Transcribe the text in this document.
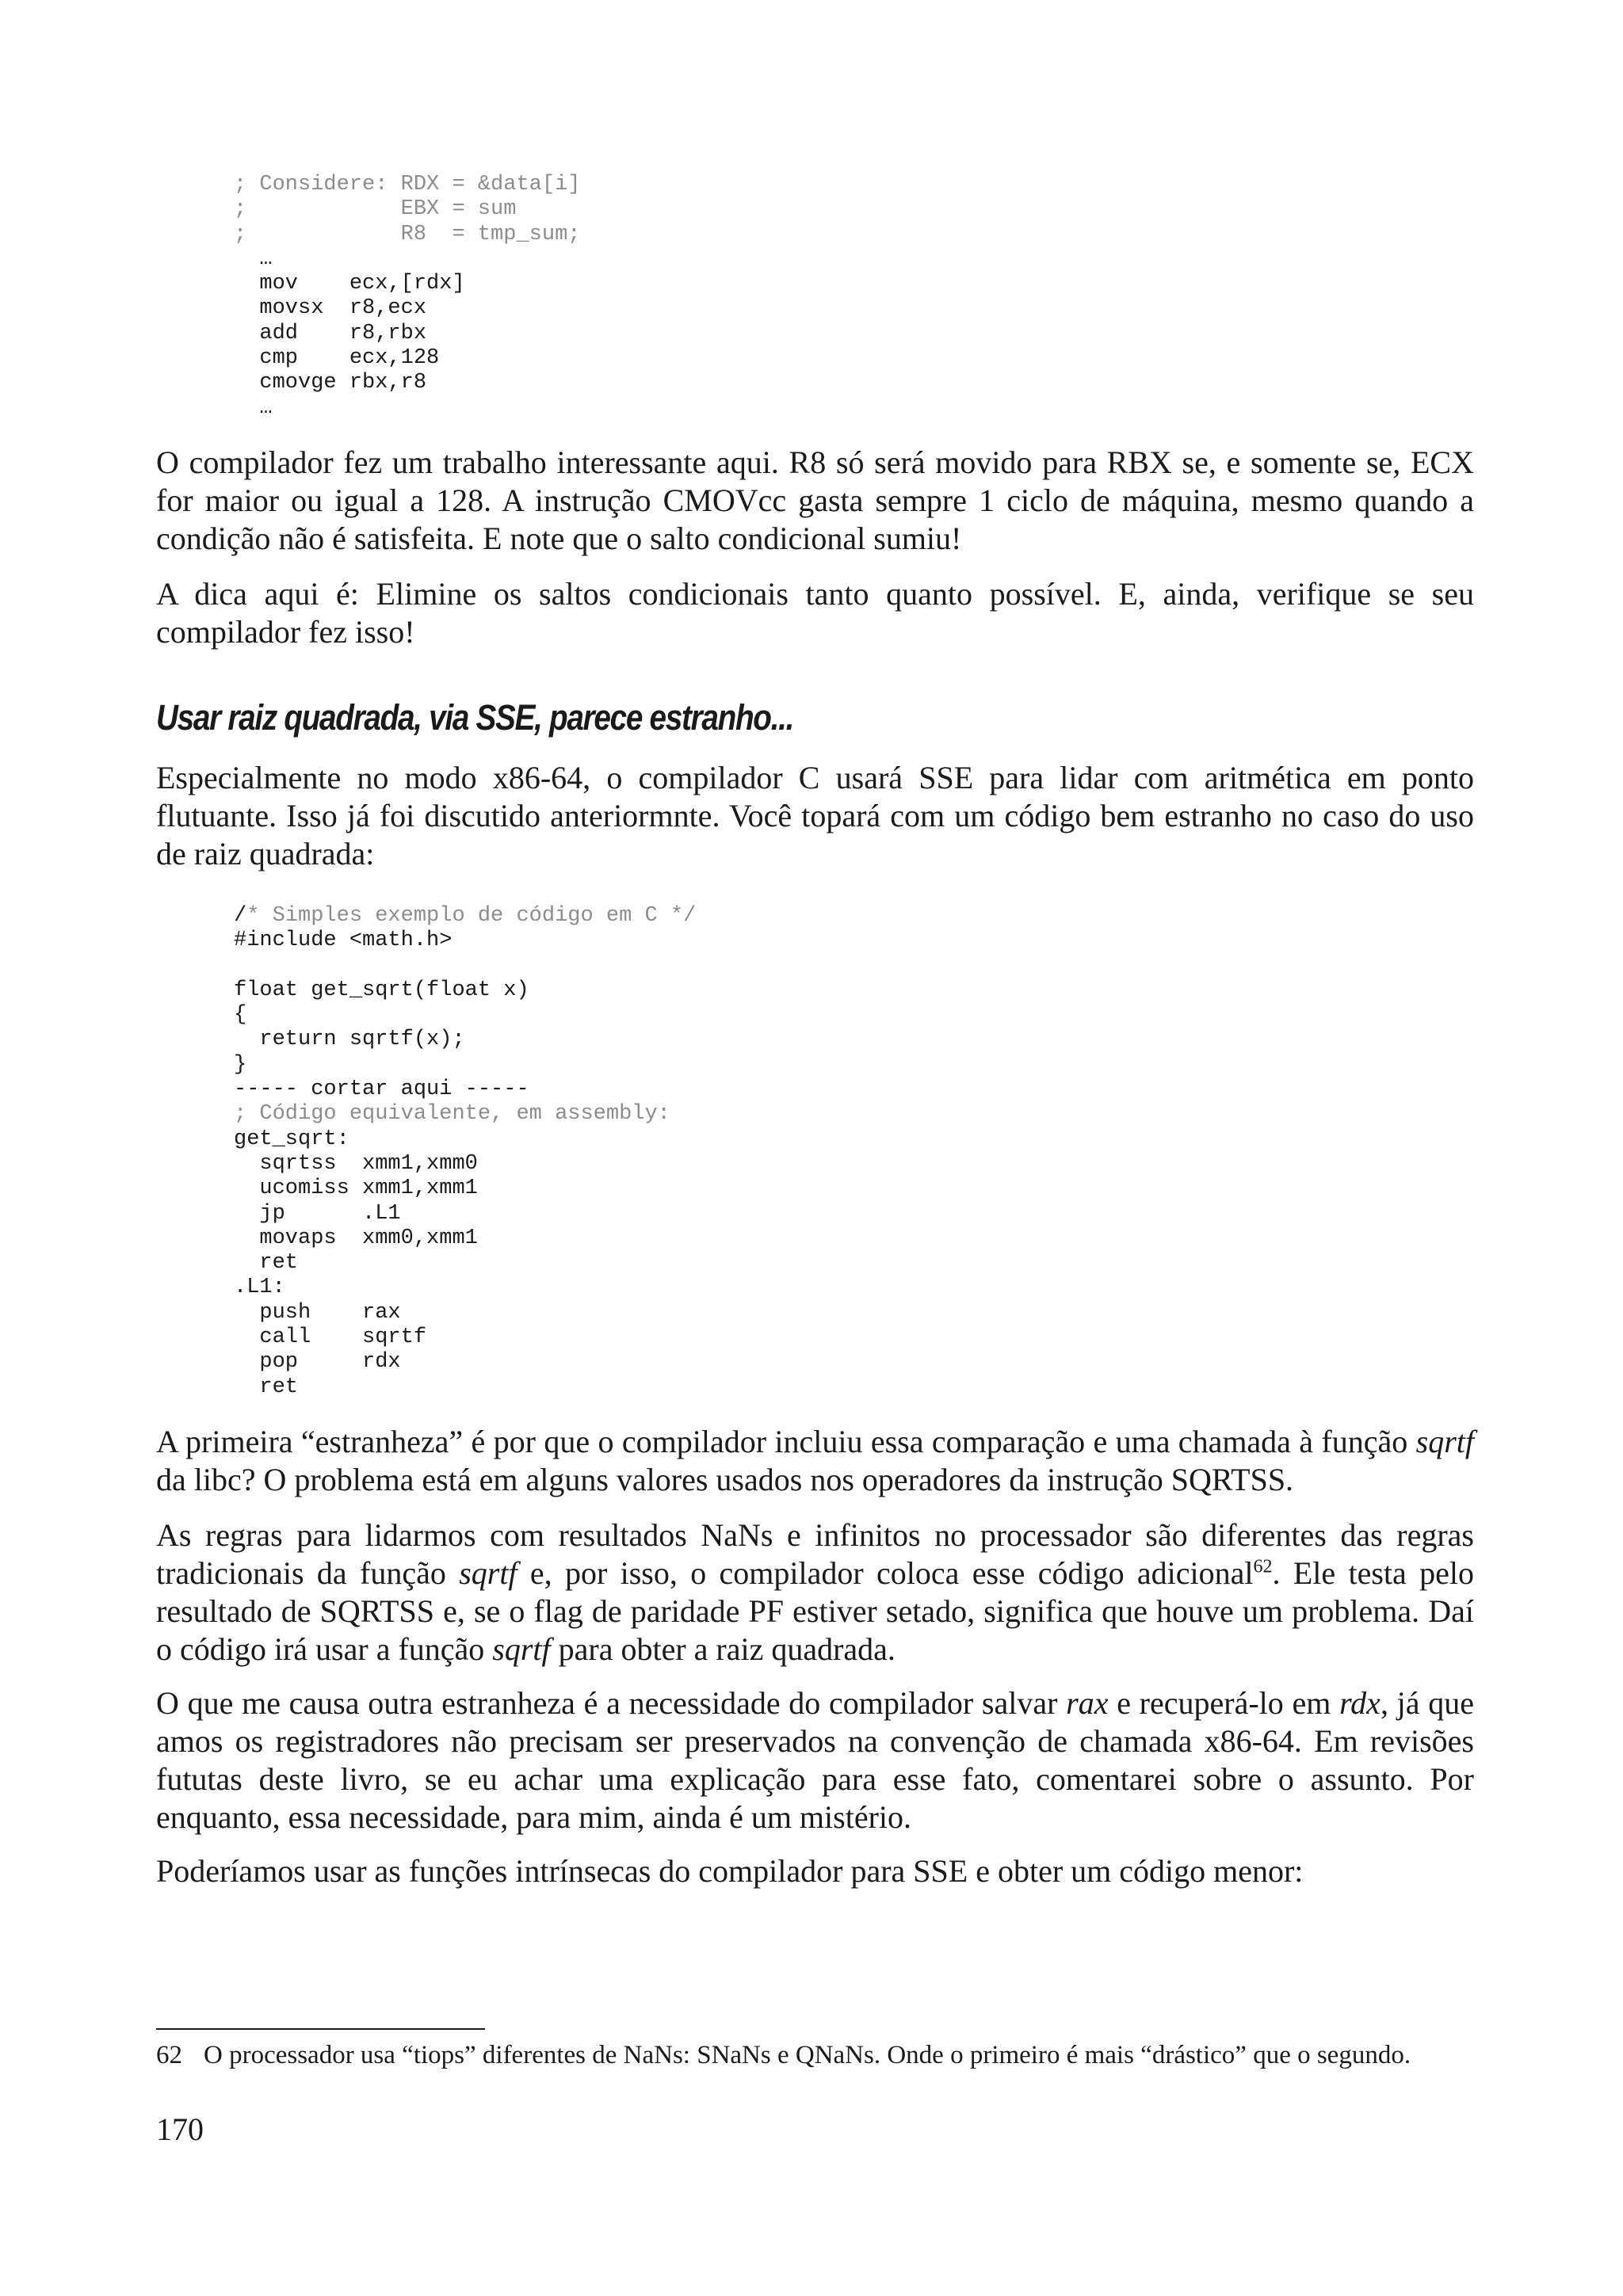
; Considere: RDX = &data[i]
;            EBX = sum
;            R8  = tmp_sum;
…
mov    ecx,[rdx]
movsx  r8,ecx
add    r8,rbx
cmp    ecx,128
cmovge rbx,r8
…

O compilador fez um trabalho interessante aqui. R8 só será movido para RBX se, e somente se, ECX for maior ou igual a 128. A instrução CMOVcc gasta sempre 1 ciclo de máquina, mesmo quando a condição não é satisfeita. E note que o salto condicional sumiu!

A dica aqui é: Elimine os saltos condicionais tanto quanto possível. E, ainda, verifique se seu compilador fez isso!

Usar raiz quadrada, via SSE, parece estranho...

Especialmente no modo x86-64, o compilador C usará SSE para lidar com aritmética em ponto flutuante. Isso já foi discutido anteriormnte. Você topará com um código bem estranho no caso do uso de raiz quadrada:

/* Simples exemplo de código em C */
#include <math.h>
float get_sqrt(float x)
{
return sqrtf(x);
}
----- cortar aqui -----
; Código equivalente, em assembly:
get_sqrt:
sqrtss  xmm1,xmm0
ucomiss xmm1,xmm1
jp      .L1
movaps  xmm0,xmm1
ret
.L1:
push    rax
call    sqrtf
pop     rdx
ret

A primeira “estranheza” é por que o compilador incluiu essa comparação e uma chamada à função sqrtf da libc? O problema está em alguns valores usados nos operadores da instrução SQRTSS.

As regras para lidarmos com resultados NaNs e infinitos no processador são diferentes das regras tradicionais da função sqrtf e, por isso, o compilador coloca esse código adicional$^{62}$. Ele testa pelo resultado de SQRTSS e, se o flag de paridade PF estiver setado, significa que houve um problema. Daí o código irá usar a função sqrtf para obter a raiz quadrada.

O que me causa outra estranheza é a necessidade do compilador salvar rax e recuperá-lo em rdx, já que amos os registradores não precisam ser preservados na convenção de chamada x86-64. Em revisões fututas deste livro, se eu achar uma explicação para esse fato, comentarei sobre o assunto. Por enquanto, essa necessidade, para mim, ainda é um mistério.

Poderíamos usar as funções intrínsecas do compilador para SSE e obter um código menor:

62 O processador usa “tiops” diferentes de NaNs: SNaNs e QNaNs. Onde o primeiro é mais “drástico” que o segundo.

170
